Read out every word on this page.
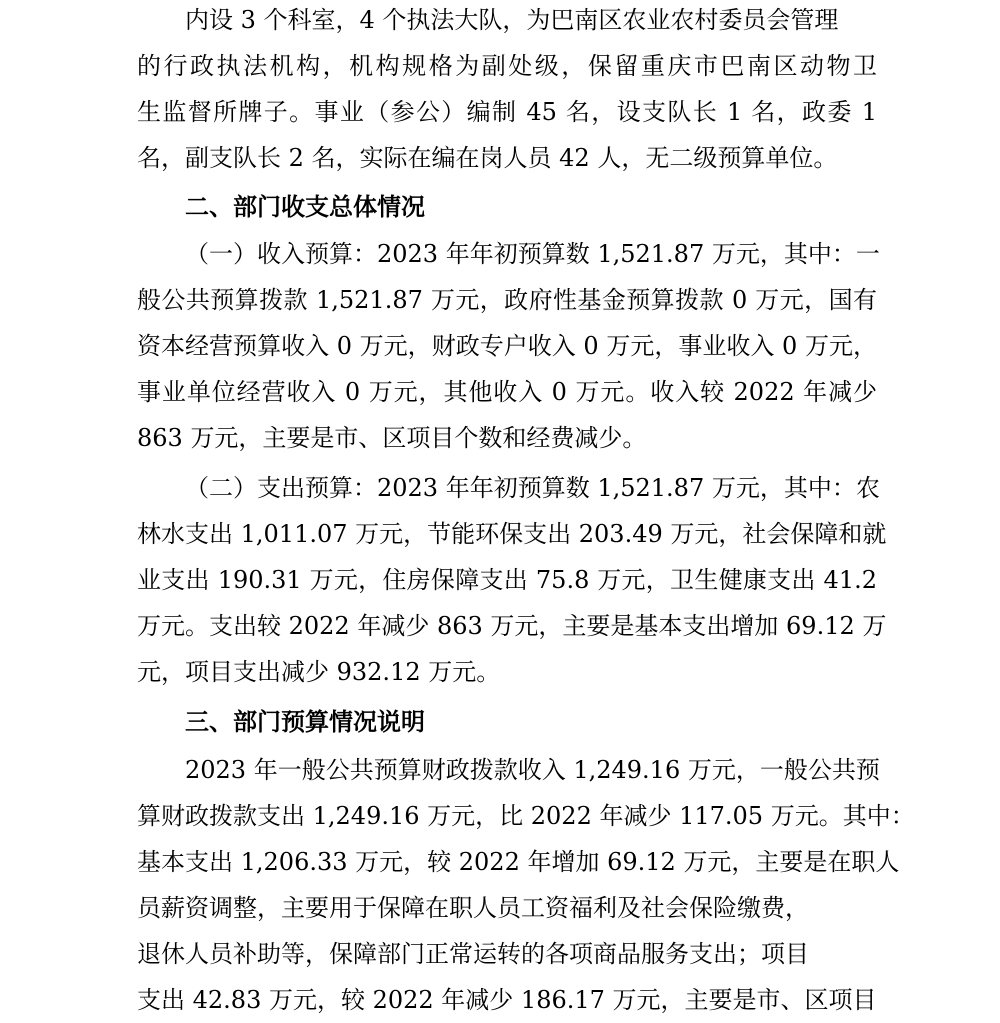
内设 3 个科室，4 个执法大队，为巴南区农业农村委员会管理
的行政执法机构，机构规格为副处级，保留重庆市巴南区动物卫
生监督所牌子。事业（参公）编制 45 名，设支队长 1 名，政委 1
名，副支队长 2 名，实际在编在岗人员 42 人，无二级预算单位。
二、部门收支总体情况
（一）收入预算：2023 年年初预算数 1,521.87 万元，其中：一
般公共预算拨款 1,521.87 万元，政府性基金预算拨款 0 万元，国有
资本经营预算收入 0 万元，财政专户收入 0 万元，事业收入 0 万元，
事业单位经营收入 0 万元，其他收入 0 万元。收入较 2022 年减少
863 万元，主要是市、区项目个数和经费减少。
（二）支出预算：2023 年年初预算数 1,521.87 万元，其中：农
林水支出 1,011.07 万元，节能环保支出 203.49 万元，社会保障和就
业支出 190.31 万元，住房保障支出 75.8 万元，卫生健康支出 41.2
万元。支出较 2022 年减少 863 万元，主要是基本支出增加 69.12 万
元，项目支出减少 932.12 万元。
三、部门预算情况说明
2023 年一般公共预算财政拨款收入 1,249.16 万元，一般公共预
算财政拨款支出 1,249.16 万元，比 2022 年减少 117.05 万元。其中：
基本支出 1,206.33 万元，较 2022 年增加 69.12 万元，主要是在职人
员薪资调整，主要用于保障在职人员工资福利及社会保险缴费，
退休人员补助等，保障部门正常运转的各项商品服务支出；项目
支出 42.83 万元，较 2022 年减少 186.17 万元，主要是市、区项目
